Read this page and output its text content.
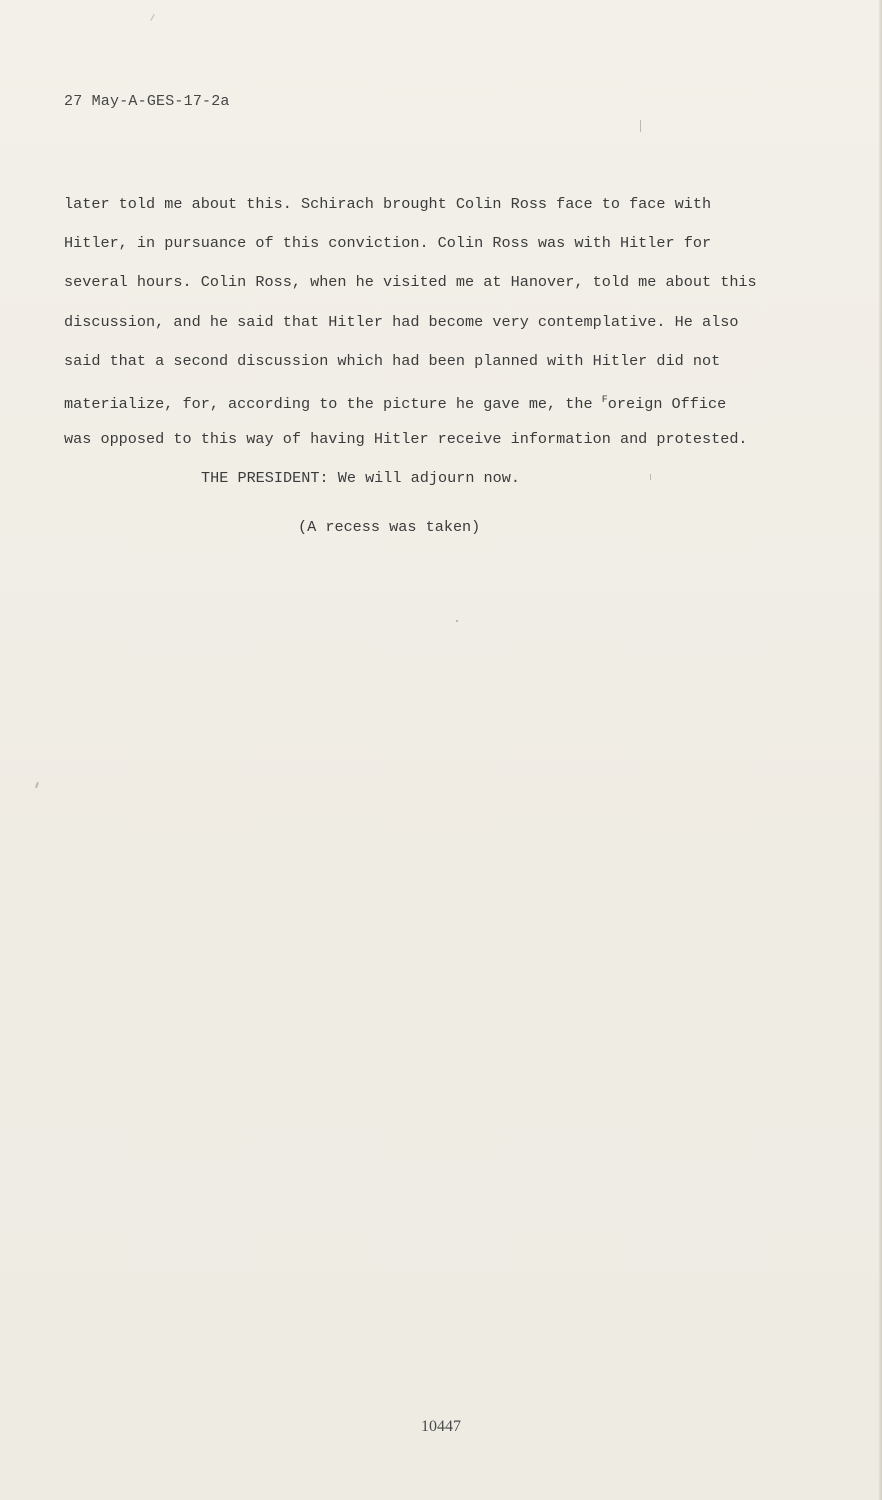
27 May-A-GES-17-2a
later told me about this. Schirach brought Colin Ross face to face with
Hitler, in pursuance of this conviction. Colin Ross was with Hitler for
several hours. Colin Ross, when he visited me at Hanover, told me about this
discussion, and he said that Hitler had become very contemplative. He also
said that a second discussion which had been planned with Hitler did not
materialize, for, according to the picture he gave me, the $^F$oreign Office
was opposed to this way of having Hitler receive information and protested.
THE PRESIDENT: We will adjourn now.
(A recess was taken)
10447
